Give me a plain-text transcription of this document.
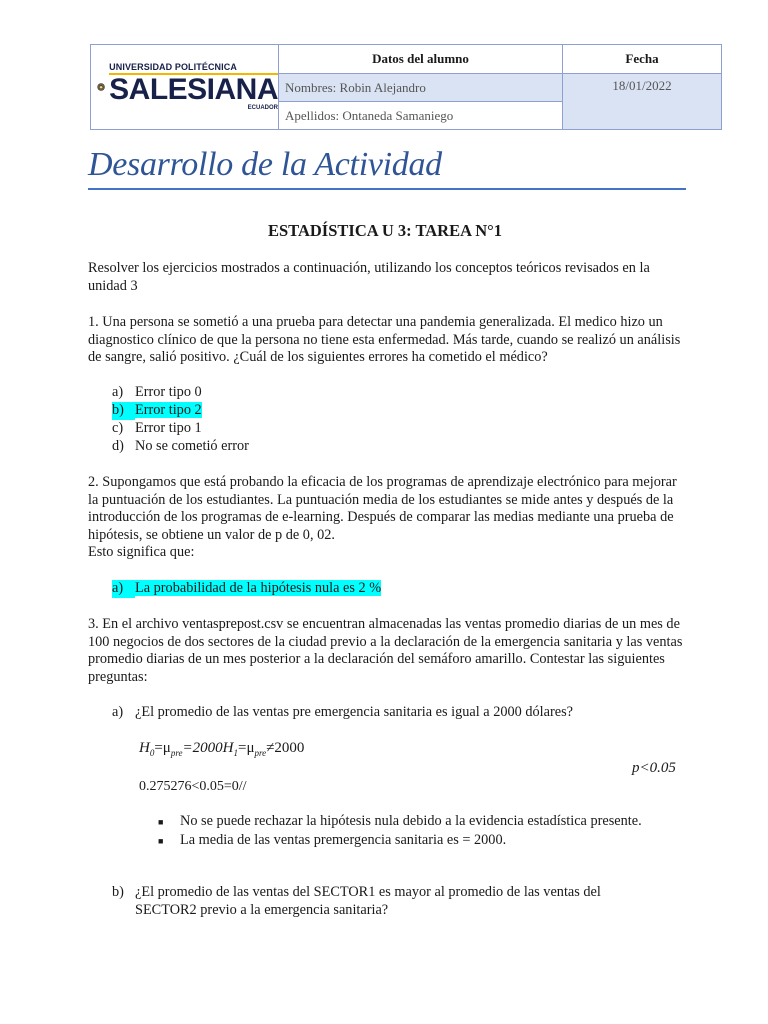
UNIVERSIDAD POLITÉCNICA
SALESIANA
ECUADOR	Datos del alumno	Fecha
	Nombres: Robin Alejandro	18/01/2022
	Apellidos: Ontaneda Samaniego	
Desarrollo de la Actividad
ESTADÍSTICA U 3: TAREA N°1
Resolver los ejercicios mostrados a continuación, utilizando los conceptos teóricos revisados en la unidad 3
1. Una persona se sometió a una prueba para detectar una pandemia generalizada. El medico hizo un diagnostico clínico de que la persona no tiene esta enfermedad. Más tarde, cuando se realizó un análisis de sangre, salió positivo. ¿Cuál de los siguientes errores ha cometido el médico?
a) Error tipo 0
b) Error tipo 2
c) Error tipo 1
d) No se cometió error
2. Supongamos que está probando la eficacia de los programas de aprendizaje electrónico para mejorar la puntuación de los estudiantes. La puntuación media de los estudiantes se mide antes y después de la introducción de los programas de e-learning. Después de comparar las medias mediante una prueba de hipótesis, se obtiene un valor de p de 0, 02.
Esto significa que:
a) La probabilidad de la hipótesis nula es 2 %
3. En el archivo ventasprepost.csv se encuentran almacenadas las ventas promedio diarias de un mes de 100 negocios de dos sectores de la ciudad previo a la declaración de la emergencia sanitaria y las ventas promedio diarias de un mes posterior a la declaración del semáforo amarillo. Contestar las siguientes preguntas:
a) ¿El promedio de las ventas pre emergencia sanitaria es igual a 2000 dólares?
$H_0=\mu_{pre}=2000H_1=\mu_{pre}\ne 2000$
p<0.05
0.275276<0.05=0//
■ No se puede rechazar la hipótesis nula debido a la evidencia estadística presente.
■ La media de las ventas premergencia sanitaria es = 2000.
b) ¿El promedio de las ventas del SECTOR1 es mayor al promedio de las ventas del
SECTOR2 previo a la emergencia sanitaria?
